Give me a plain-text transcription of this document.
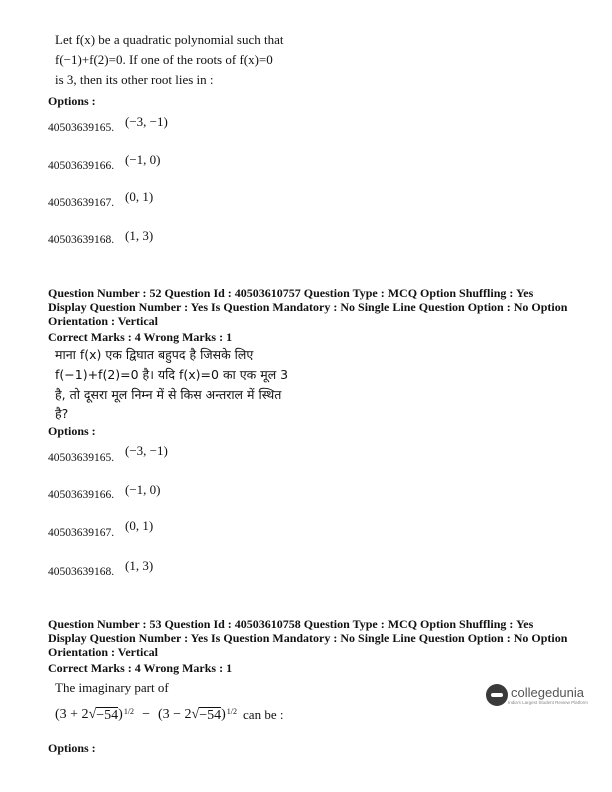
Let f(x) be a quadratic polynomial such that
f(−1)+f(2)=0. If one of the roots of f(x)=0
is 3, then its other root lies in :
Options :
40503639165. (−3, −1)
40503639166. (−1, 0)
40503639167. (0, 1)
40503639168. (1, 3)
Question Number : 52 Question Id : 40503610757 Question Type : MCQ Option Shuffling : Yes
Display Question Number : Yes Is Question Mandatory : No Single Line Question Option : No Option
Orientation : Vertical
Correct Marks : 4 Wrong Marks : 1
माना f(x) एक द्विघात बहुपद है जिसके लिए
f(−1)+f(2)=0 है। यदि f(x)=0 का एक मूल 3
है, तो दूसरा मूल निम्न में से किस अन्तराल में स्थित
है?
Options :
40503639165. (−3, −1)
40503639166. (−1, 0)
40503639167. (0, 1)
40503639168. (1, 3)
Question Number : 53 Question Id : 40503610758 Question Type : MCQ Option Shuffling : Yes
Display Question Number : Yes Is Question Mandatory : No Single Line Question Option : No Option
Orientation : Vertical
Correct Marks : 4 Wrong Marks : 1
The imaginary part of
(3 + 2 √ −54 )$^{1/2}$ − (3 − 2 √ −54 )$^{1/2}$ can be :
Options :
collegedunia
India's Largest Student Review Platform
